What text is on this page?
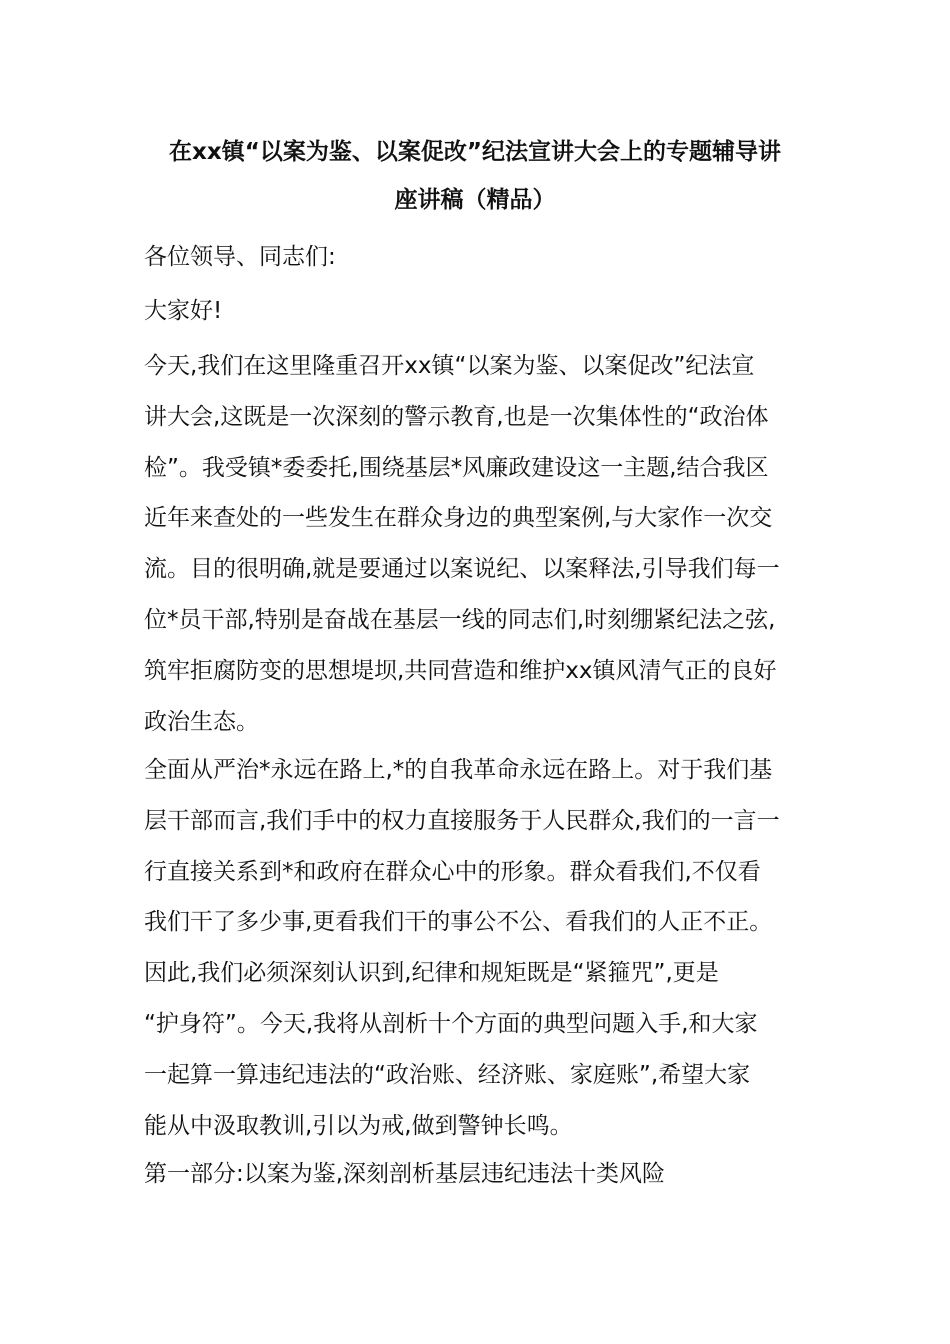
在xx镇“以案为鉴、以案促改”纪法宣讲大会上的专题辅导讲
座讲稿（精品）

各位领导、同志们:

大家好!

今天,我们在这里隆重召开xx镇“以案为鉴、以案促改”纪法宣
讲大会,这既是一次深刻的警示教育,也是一次集体性的“政治体
检”。我受镇*委委托,围绕基层*风廉政建设这一主题,结合我区
近年来查处的一些发生在群众身边的典型案例,与大家作一次交
流。目的很明确,就是要通过以案说纪、以案释法,引导我们每一
位*员干部,特别是奋战在基层一线的同志们,时刻绷紧纪法之弦,
筑牢拒腐防变的思想堤坝,共同营造和维护xx镇风清气正的良好
政治生态。

全面从严治*永远在路上,*的自我革命永远在路上。对于我们基
层干部而言,我们手中的权力直接服务于人民群众,我们的一言一
行直接关系到*和政府在群众心中的形象。群众看我们,不仅看
我们干了多少事,更看我们干的事公不公、看我们的人正不正。
因此,我们必须深刻认识到,纪律和规矩既是“紧箍咒”,更是
“护身符”。今天,我将从剖析十个方面的典型问题入手,和大家
一起算一算违纪违法的“政治账、经济账、家庭账”,希望大家
能从中汲取教训,引以为戒,做到警钟长鸣。

第一部分:以案为鉴,深刻剖析基层违纪违法十类风险
